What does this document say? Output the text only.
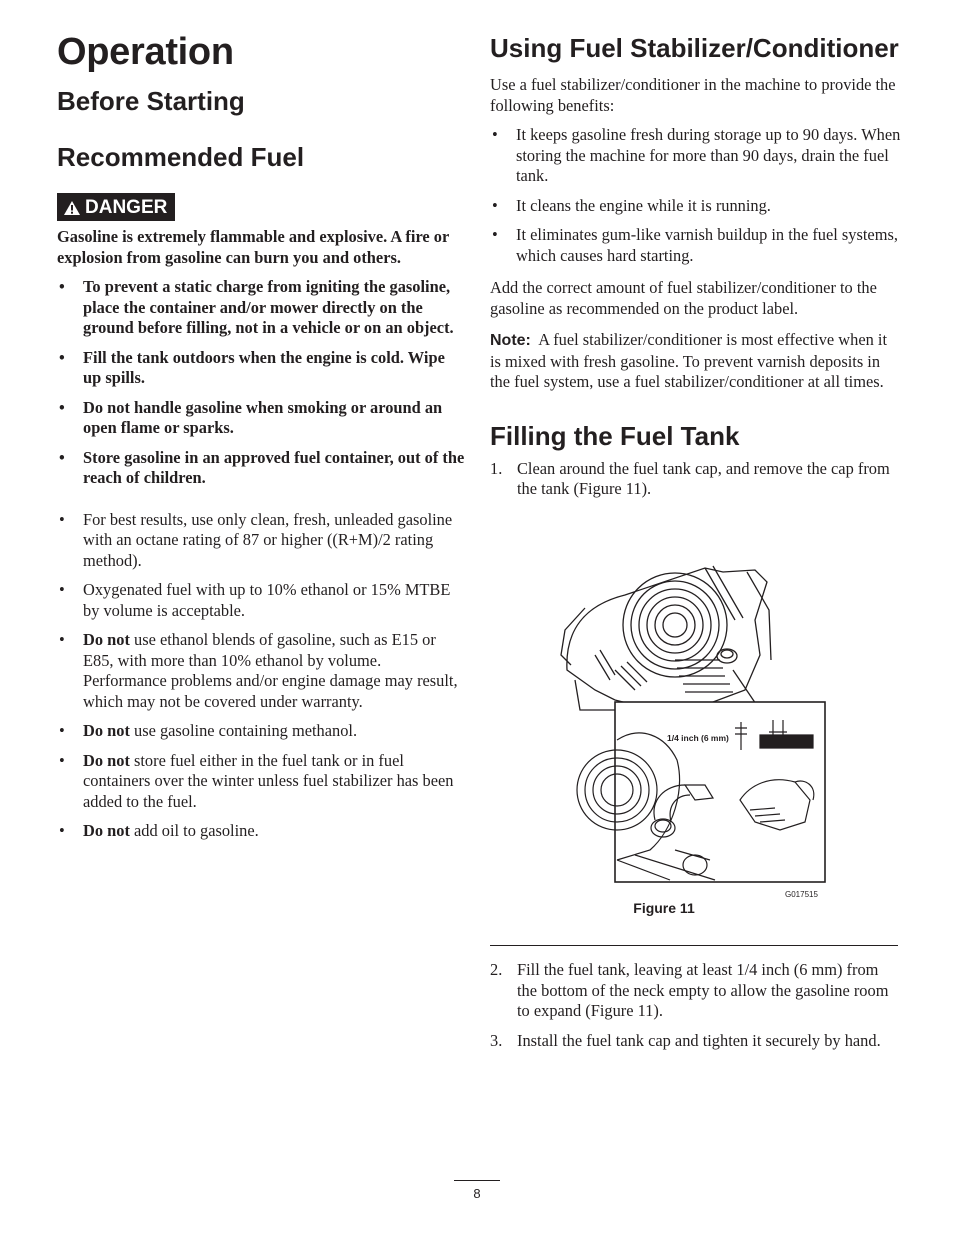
Operation
Before Starting
Recommended Fuel
DANGER

Gasoline is extremely flammable and explosive. A fire or explosion from gasoline can burn you and others.

• To prevent a static charge from igniting the gasoline, place the container and/or mower directly on the ground before filling, not in a vehicle or on an object.
• Fill the tank outdoors when the engine is cold. Wipe up spills.
• Do not handle gasoline when smoking or around an open flame or sparks.
• Store gasoline in an approved fuel container, out of the reach of children.
• For best results, use only clean, fresh, unleaded gasoline with an octane rating of 87 or higher ((R+M)/2 rating method).
• Oxygenated fuel with up to 10% ethanol or 15% MTBE by volume is acceptable.
• Do not use ethanol blends of gasoline, such as E15 or E85, with more than 10% ethanol by volume. Performance problems and/or engine damage may result, which may not be covered under warranty.
• Do not use gasoline containing methanol.
• Do not store fuel either in the fuel tank or in fuel containers over the winter unless fuel stabilizer has been added to the fuel.
• Do not add oil to gasoline.
Using Fuel Stabilizer/Conditioner

Use a fuel stabilizer/conditioner in the machine to provide the following benefits:

• It keeps gasoline fresh during storage up to 90 days. When storing the machine for more than 90 days, drain the fuel tank.
• It cleans the engine while it is running.
• It eliminates gum-like varnish buildup in the fuel systems, which causes hard starting.

Add the correct amount of fuel stabilizer/conditioner to the gasoline as recommended on the product label.

Note: A fuel stabilizer/conditioner is most effective when it is mixed with fresh gasoline. To prevent varnish deposits in the fuel system, use a fuel stabilizer/conditioner at all times.

Filling the Fuel Tank
1. Clean around the fuel tank cap, and remove the cap from the tank (Figure 11).
1/4 inch (6 mm)
G017515
Figure 11
2. Fill the fuel tank, leaving at least 1/4 inch (6 mm) from the bottom of the neck empty to allow the gasoline room to expand (Figure 11).
3. Install the fuel tank cap and tighten it securely by hand.
8
